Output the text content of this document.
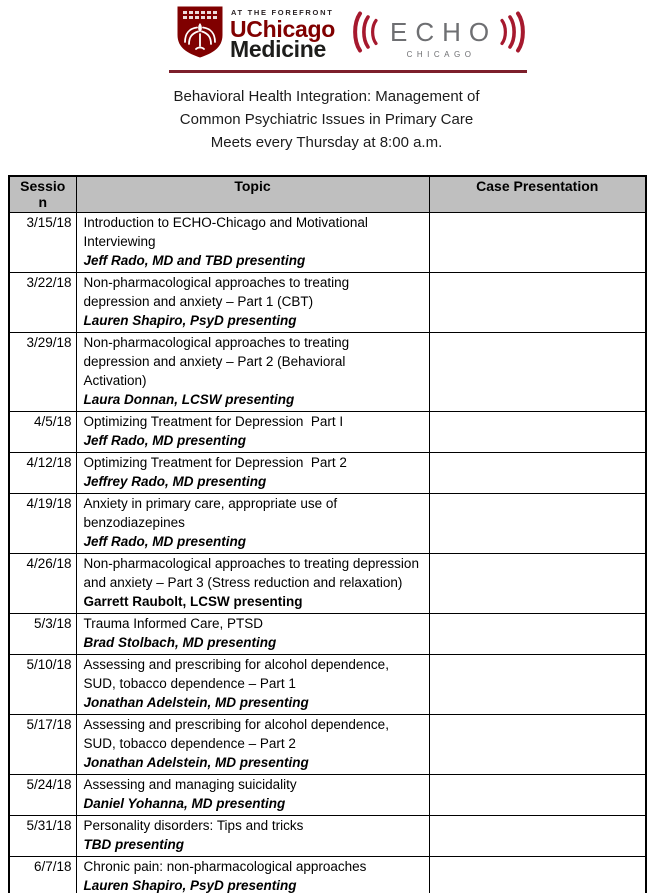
AT THE FOREFRONT
UChicago
Medicine
ECHO
CHICAGO
Behavioral Health Integration: Management of
Common Psychiatric Issues in Primary Care
Meets every Thursday at 8:00 a.m.
Session	Topic	Case Presentation
3/15/18	Introduction to ECHO-Chicago and Motivational
Interviewing
Jeff Rado, MD and TBD presenting	

3/22/18	Non-pharmacological approaches to treating
depression and anxiety – Part 1 (CBT)
Lauren Shapiro, PsyD presenting	

3/29/18	Non-pharmacological approaches to treating
depression and anxiety – Part 2 (Behavioral
Activation)
Laura Donnan, LCSW presenting	

4/5/18	Optimizing Treatment for Depression  Part I
Jeff Rado, MD presenting	

4/12/18	Optimizing Treatment for Depression  Part 2
Jeffrey Rado, MD presenting	

4/19/18	Anxiety in primary care, appropriate use of
benzodiazepines
Jeff Rado, MD presenting	

4/26/18	Non-pharmacological approaches to treating depression
and anxiety – Part 3 (Stress reduction and relaxation)
Garrett Raubolt, LCSW presenting	

5/3/18	Trauma Informed Care, PTSD
Brad Stolbach, MD presenting	

5/10/18	Assessing and prescribing for alcohol dependence,
SUD, tobacco dependence – Part 1
Jonathan Adelstein, MD presenting	

5/17/18	Assessing and prescribing for alcohol dependence,
SUD, tobacco dependence – Part 2
Jonathan Adelstein, MD presenting	

5/24/18	Assessing and managing suicidality
Daniel Yohanna, MD presenting	

5/31/18	Personality disorders: Tips and tricks
TBD presenting	

6/7/18	Chronic pain: non-pharmacological approaches
Lauren Shapiro, PsyD presenting	
